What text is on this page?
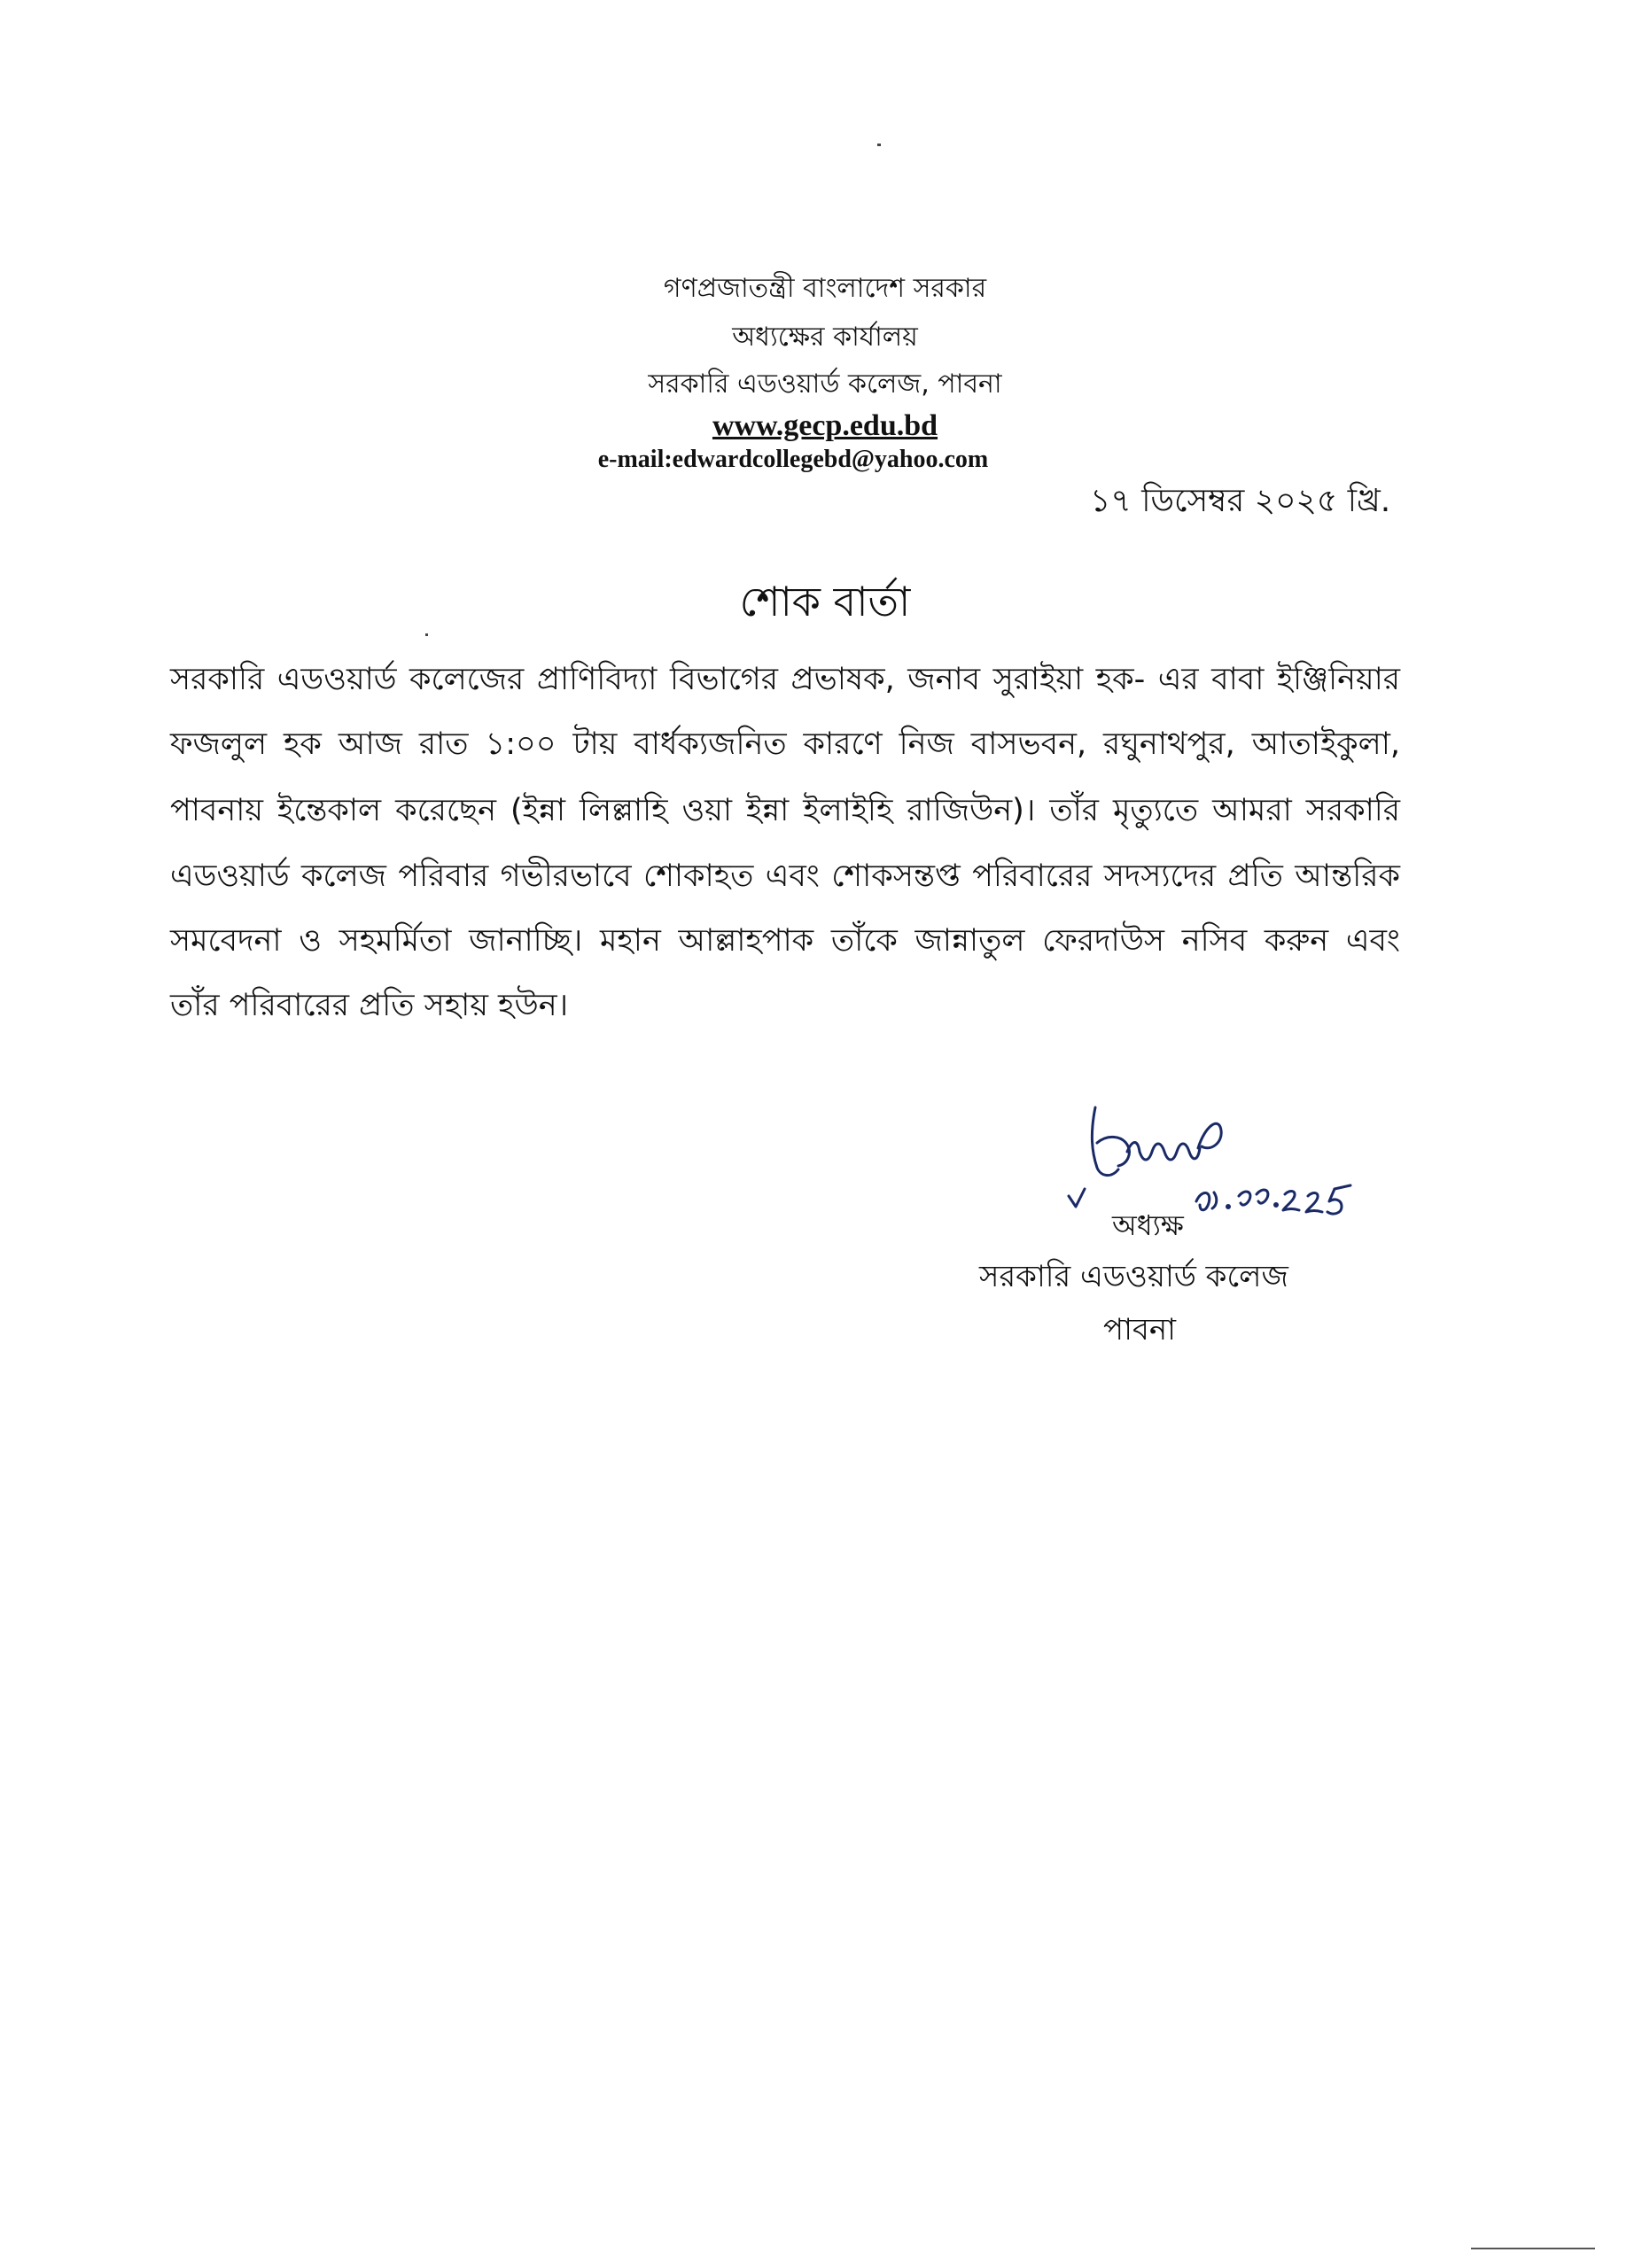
গণপ্রজাতন্ত্রী বাংলাদেশ সরকার
অধ্যক্ষের কার্যালয়
সরকারি এডওয়ার্ড কলেজ, পাবনা
www.gecp.edu.bd
e-mail:edwardcollegebd@yahoo.com
১৭ ডিসেম্বর ২০২৫ খ্রি.
শোক বার্তা
সরকারি এডওয়ার্ড কলেজের প্রাণিবিদ্যা বিভাগের প্রভাষক, জনাব সুরাইয়া হক- এর বাবা ইঞ্জিনিয়ার
ফজলুল হক আজ রাত ১:০০ টায় বার্ধক্যজনিত কারণে নিজ বাসভবন, রঘুনাথপুর, আতাইকুলা,
পাবনায় ইন্তেকাল করেছেন (ইন্না লিল্লাহি ওয়া ইন্না ইলাইহি রাজিউন)। তাঁর মৃত্যুতে আমরা সরকারি
এডওয়ার্ড কলেজ পরিবার গভীরভাবে শোকাহত এবং শোকসন্তপ্ত পরিবারের সদস্যদের প্রতি আন্তরিক
সমবেদনা ও সহমর্মিতা জানাচ্ছি। মহান আল্লাহপাক তাঁকে জান্নাতুল ফেরদাউস নসিব করুন এবং
তাঁর পরিবারের প্রতি সহায় হউন।
অধ্যক্ষ
সরকারি এডওয়ার্ড কলেজ
পাবনা
